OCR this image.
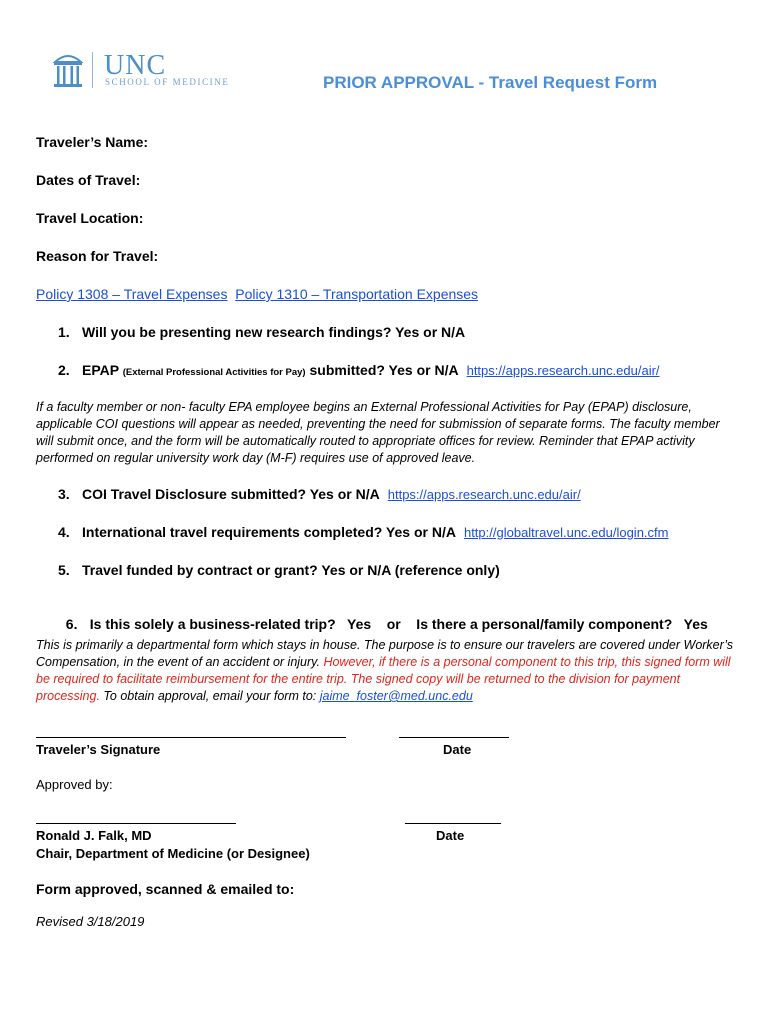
UNC
SCHOOL OF MEDICINE	PRIOR APPROVAL - Travel Request Form
Traveler’s Name:
Dates of Travel:
Travel Location:
Reason for Travel:
Policy 1308 – Travel Expenses Policy 1310 – Transportation Expenses
1. Will you be presenting new research findings? Yes or N/A
2. EPAP (External Professional Activities for Pay) submitted? Yes or N/A https://apps.research.unc.edu/air/
If a faculty member or non- faculty EPA employee begins an External Professional Activities for Pay (EPAP) disclosure, applicable COI questions will appear as needed, preventing the need for submission of separate forms. The faculty member will submit once, and the form will be automatically routed to appropriate offices for review. Reminder that EPAP activity performed on regular university work day (M-F) requires use of approved leave.
3. COI Travel Disclosure submitted? Yes or N/A https://apps.research.unc.edu/air/
4. International travel requirements completed? Yes or N/A http://globaltravel.unc.edu/login.cfm
5. Travel funded by contract or grant? Yes or N/A (reference only)

6. Is this solely a business-related trip?   Yes    or    Is there a personal/family component?   Yes

This is primarily a departmental form which stays in house. The purpose is to ensure our travelers are covered under Worker’s Compensation, in the event of an accident or injury. However, if there is a personal component to this trip, this signed form will be required to facilitate reimbursement for the entire trip. The signed copy will be returned to the division for payment processing. To obtain approval, email your form to: jaime_foster@med.unc.edu
Traveler’s Signature	Date
Approved by:
Ronald J. Falk, MD	Date
Chair, Department of Medicine (or Designee)
Form approved, scanned & emailed to:
Revised 3/18/2019
